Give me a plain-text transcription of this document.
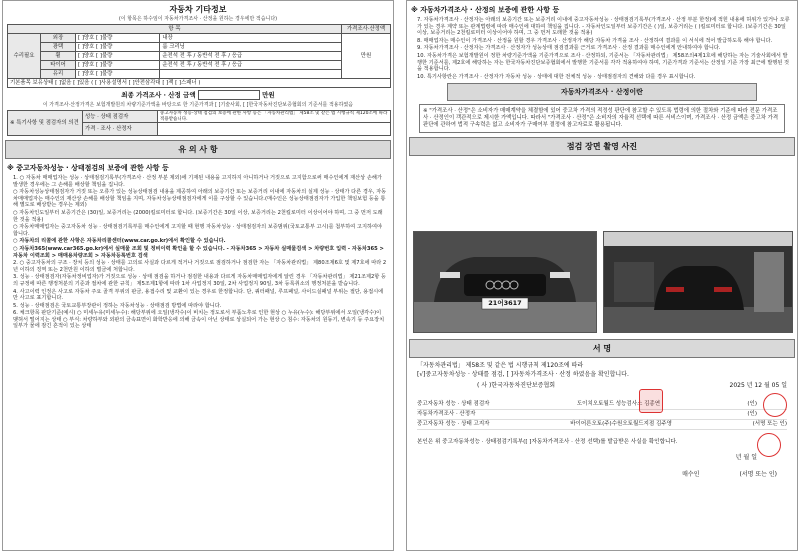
자동차 기타정보
(이 항목은 하수임이 자동차가격조사 · 산정을 원하는 경우에만 적습니다)
항 목				가격조사·산정액
수리필요	외장	[ ]양호 [ ]불량	내장	만원
	광택	[ ]양호 [ ]불량	룸 크리닝	
	휠	[ ]양호 [ ]불량	운전석 전 후 / 동반석 전 후 / 응급	
	타이어	[ ]양호 [ ]불량	운전석 전 후 / 동반석 전 후 / 응급	
	유리	[ ]양호 [ ]불량		
기본품목 보유상태 [ ]없음 [ ]있음 ( [ ]사용설명서 [ ]안전삼각대 [ ]잭 [ ]스패너 )				
최종 가격조사 · 산정 금액	만원
이 가격조사·산정가격은 보험개발원의 차량기준가액을 바탕으로 한 기준가격과 [ ]기술사회, [ ]한국자동차진단보증협회의 기준서를 적용하였음
※ 특기사항 및 점검자의 의견	성능 · 상태 점검자	중고자동차 성능·상태 점검의 보증에 관한 사항 등은 「자동차관리법」 제58조 및 같은 법 시행규칙 제120조에 따라 적용받습니다.
	가격 · 조사 · 산정자	
유 의 사 항
※ 중고자동차성능 · 상태점검의 보증에 관한 사항 등

1. ○ 자동차 매매업자는 성능 · 상태점검기록부(가격조사 · 산정 부분 제외)에 기재된 내용을 고지하지 아니하거나 거짓으로 고지함으로써 매수인에게 재산상 손해가 발생한 경우에는 그 손해를 배상할 책임을 집니다.

○ 자동차성능상태점검자가 거짓 또는 오류가 있는 성능상태점검 내용을 제공하여 아래의 보증기간 또는 보증거리 이내에 자동차의 실제 성능 · 상태가 다른 경우, 자동차매매업자는 매수인의 재산상 손해를 배상할 책임을 지며, 자동차성능상태점검자에게 이를 구상할 수 있습니다.(매수인은 성능상태점검자가 가입한 책임보험 등을 통해 별도로 배상받는 경우는 제외)

○ 자동차인도일부터 보증기간은 (30)일, 보증거리는 (2000)킬로미터로 합니다. (보증기간은 30일 이상, 보증거리는 2천킬로미터 이상이어야 하며, 그 중 먼저 도래한 것을 적용)

○ 자동차매매업자는 중고자동차 성능 · 상태점검기록부를 매수인에게 고지할 때 현행 자동차성능 · 상태점검자의 보증범위(국토교통부 고시)를 첨부하여 고지하여야 합니다.

○ 자동차의 리콜에 관한 사항은 자동차리콜센터(www.car.go.kr)에서 확인할 수 있습니다.

○ 자동차365(www.car365.go.kr)에서 실매물 조회 및 정비이력 확인을 할 수 있습니다. - 자동차365 > 자동차 실매물검색 > 차량번호 입력 - 자동차365 > 자동차 이력조회 > 매매용차량조회 > 자동차등록번호 검색

2. ○ 중고자동차의 구조 · 장치 등의 성능 · 상태를 고의로 사실과 다르게 적거나 거짓으로 점검하거나 점검한 자는 「자동차관리법」 제80조제6호 및 제7호에 따라 2년 이하의 징역 또는 2천만원 이하의 벌금에 처합니다.

3. 성능 · 상태점검자(자동차정비업자)가 거짓으로 성능 · 상태 점검을 하거나 점검한 내용과 다르게 자동차매매업자에게 알린 경우 「자동차관리법」 제21조제2항 등의 규정에 따른 행정처분의 기준과 절차에 관한 규칙」 제5조제1항에 따라 1차 사업정지 30일, 2차 사업정지 90일, 3차 등록취소의 행정처분을 받습니다.

4. 사고이력 인정은 사고로 자동차 주요 골격 부위의 판금, 용접수리 및 교환이 있는 경우로 한정합니다. 단, 쿼터패널, 루프패널, 사이드실패널 부위는 절단, 용접시에만 사고로 표기합니다.

5. 성능 · 상태점검은 국토교통부장관이 정하는 자동차성능 · 상태점검 방법에 따라야 합니다.

6. 체크항목 판단기준(예시) ○ 미세누유(미세누수): 해당부위에 오일(냉각수)이 비치는 정도로서 부품노후로 인한 현상 ○ 누유(누수): 해당부위에서 오일(냉각수)이 맺혀서 떨어지는 상태 ○ 부식: 차량하부와 외판의 금속표면이 화학반응에 의해 금속이 아닌 상태로 상실되어 가는 현상 ○ 침수: 자동차의 원동기, 변속기 등 주요장치 일부가 물에 잠긴 흔적이 있는 상태

※ 자동차가격조사 · 산정의 보증에 관한 사항 등

7. 자동차가격조사 · 산정자는 아래의 보증기간 또는 보증거리 이내에 중고자동차성능 · 상태점검기록부(가격조사 · 산정 부분 한정)에 적힌 내용에 허위가 있거나 오류가 있는 경우 계약 또는 관계법령에 따라 매수인에 대하여 책임을 집니다. - 자동차인도일부터 보증기간은 ( )일, 보증거리는 ( )킬로미터로 합니다. (보증기간은 30일 이상, 보증거리는 2천킬로미터 이상이어야 하며, 그 중 먼저 도래한 것을 적용)

8. 매매업자는 매수인이 가격조사 · 산정을 원할 경우 가격조사 · 산정자가 해당 자동차 가격을 조사 · 산정하여 결과를 이 서식에 적어 발급하도록 해야 합니다.

9. 자동차가격조사 · 산정자는 가격조사 · 산정자가 성능상태 점검결과를 근거로 가격조사 · 산정 결과를 매수인에게 안내하여야 합니다.

10. 자동차가격은 보험개발원이 정한 차량기준가액을 기준가격으로 조사 · 산정하되, 기준서는 「자동차관리법」 제58조의4제1호에 해당하는 자는 기술사회에서 발행한 기준서를, 제2호에 해당하는 자는 한국자동차진단보증협회에서 발행한 기준서를 각각 적용하여야 하며, 기준가격과 기준서는 산정일 기준 가장 최근에 발행된 것을 적용합니다.

10. 특기사항란은 가격조사 · 산정자가 자동차 성능 · 상태에 대한 전체적 성능 · 상태점검자의 견해와 다를 경우 표시합니다.

자동차가격조사 · 산정이란
※ "가격조사 · 산정"은 소비자가 매매계약을 체결함에 있어 중고차 가격의 적정성 판단에 참고할 수 있도록 법령에 의한 절차와 기준에 따라 전문 가격조사 · 산정인이 객관적으로 제시한 가액입니다. 따라서 "가격조사 · 산정"은 소비자의 자율적 선택에 따른 서비스이며, 가격조사 · 산정 금액은 중고차 가격판단에 관하여 법적 구속력은 없고 소비자가 구매여부 결정에 참고자료로 활용됩니다.
점검 장면 촬영 사진
21어3617
서 명
「자동차관리법」 제58조 및 같은 법 시행규칙 제120조에 따라
[√]중고자동차성능 · 상태를 점검, [ ]자동차가격조사 · 산정 하였음을 확인합니다.
( 사 )한국자동차진단보증협회	2025 년 12 월 05 일
중고자동차 성능 · 상태 점검자	도이치오토월드 성능검사소 김종연	(인)
자동차가격조사 · 산정자	(인)
중고자동차 성능 · 상태 고지자	바이어른오토(주)수원오토월드지점 김주영	(서명 또는 인)
본인은 위 중고자동차성능 · 상태점검기록부([ ]자동차가격조사 · 산정 선택)를 발급받은 사실을 확인합니다.
년 월 일
매수인	(서명 또는 인)
